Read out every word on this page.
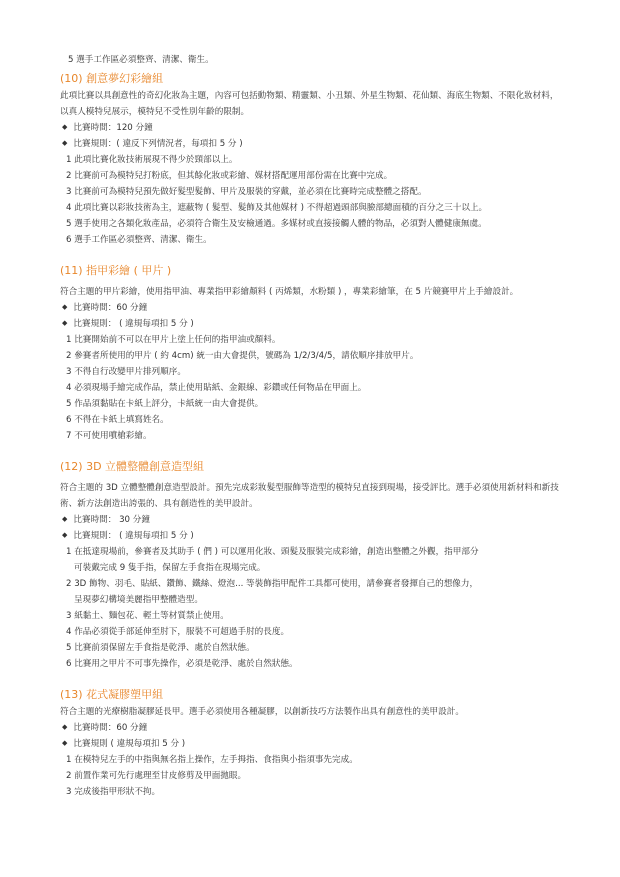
5 選手工作區必須整齊、清潔、衛生。
(10) 創意夢幻彩繪組
此項比賽以具創意性的奇幻化妝為主題，內容可包括動物類、精靈類、小丑類、外星生物類、花仙類、海底生物類、不限化妝材料，以真人模特兒展示，模特兒不受性別年齡的限制。
◆ 比賽時間：120 分鐘
◆ 比賽規則：( 違反下列情況者，每項扣 5 分 )
1 此項比賽化妝技術展現不得少於頸部以上。
2 比賽前可為模特兒打粉底，但其餘化妝或彩繪、媒材搭配運用部份需在比賽中完成。
3 比賽前可為模特兒預先做好髮型髮飾、甲片及服裝的穿戴，並必須在比賽時完成整體之搭配。
4 此項比賽以彩妝技術為主，遮蔽物 ( 髮型、髮飾及其他媒材 ) 不得超過頭部與臉部總面積的百分之三十以上。
5 選手使用之各類化妝產品，必須符合衛生及安檢通過。多媒材或直接接觸人體的物品，必須對人體健康無虞。
6 選手工作區必須整齊、清潔、衛生。
(11) 指甲彩繪 ( 甲片 )
符合主題的甲片彩繪，使用指甲油、專業指甲彩繪顏料 ( 丙烯類，水粉類 ) ，專業彩繪筆，在 5 片競賽甲片上手繪設計。
◆ 比賽時間：60 分鐘
◆ 比賽規則： ( 違規每項扣 5 分 )
1 比賽開始前不可以在甲片上塗上任何的指甲油或顏料。
2 參賽者所使用的甲片 ( 約 4cm) 統一由大會提供，號碼為 1/2/3/4/5，請依順序排放甲片。
3 不得自行改變甲片排列順序。
4 必須現場手繪完成作品，禁止使用貼紙、金銀線、彩鑽或任何物品在甲面上。
5 作品須黏貼在卡紙上評分，卡紙統一由大會提供。
6 不得在卡紙上填寫姓名。
7 不可使用噴槍彩繪。
(12) 3D 立體整體創意造型組
符合主題的 3D 立體整體創意造型設計。預先完成彩妝髮型服飾等造型的模特兒直接到現場，接受評比。選手必須使用新材料和新技術、新方法創造出誇張的、具有創造性的美甲設計。
◆ 比賽時間： 30 分鐘
◆ 比賽規則： ( 違規每項扣 5 分 )
1 在抵達現場前，參賽者及其助手 ( 們 ) 可以運用化妝、頭髮及服裝完成彩繪，創造出整體之外觀，指甲部分
可裝戴完成 9 隻手指，保留左手食指在現場完成。
2 3D 飾物、羽毛、貼紙、鑽飾、鐵絲、燈泡... 等裝飾指甲配件工具都可使用，請參賽者發揮自己的想像力，
呈現夢幻構境美麗指甲整體造型。
3 紙黏土、麵包花、輕土等材質禁止使用。
4 作品必須從手部延伸至肘下，服裝不可超過手肘的長度。
5 比賽前須保留左手食指是乾淨、處於自然狀態。
6 比賽用之甲片不可事先操作，必須是乾淨、處於自然狀態。
(13) 花式凝膠塑甲組
符合主題的光療樹脂凝膠延長甲。選手必須使用各種凝膠，以創新技巧方法製作出具有創意性的美甲設計。
◆ 比賽時間：60 分鐘
◆ 比賽規則 ( 違規每項扣 5 分 )
1 在模特兒左手的中指與無名指上操作，左手拇指、食指與小指須事先完成。
2 前置作業可先行處理至甘皮修剪及甲面拋眼。
3 完成後指甲形狀不拘。
